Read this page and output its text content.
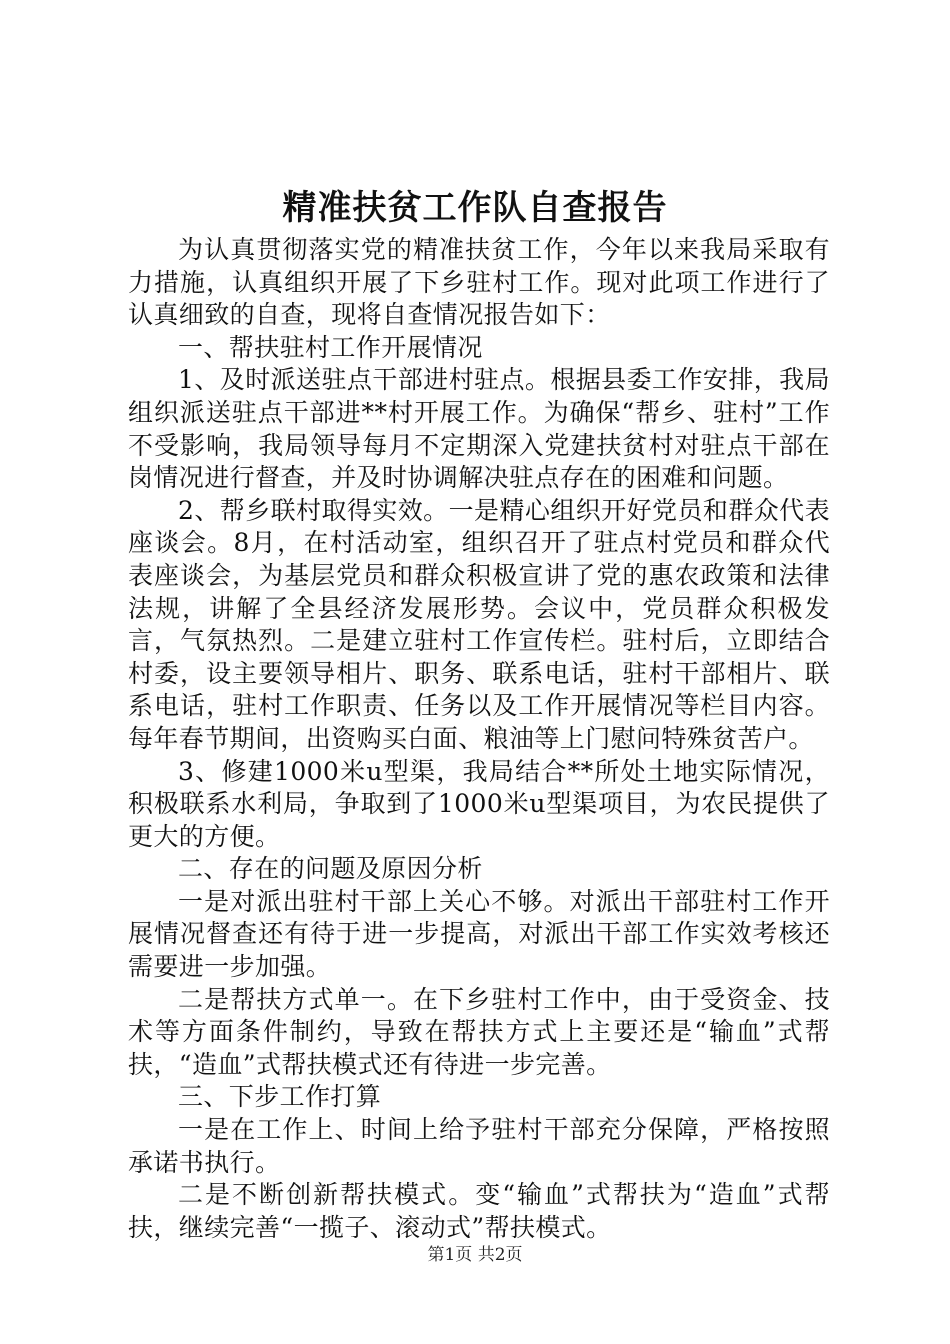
精准扶贫工作队自查报告

为认真贯彻落实党的精准扶贫工作，今年以来我局采取有力措施，认真组织开展了下乡驻村工作。现对此项工作进行了认真细致的自查，现将自查情况报告如下：

一、帮扶驻村工作开展情况

1、及时派送驻点干部进村驻点。根据县委工作安排，我局组织派送驻点干部进**村开展工作。为确保“帮乡、驻村”工作不受影响，我局领导每月不定期深入党建扶贫村对驻点干部在岗情况进行督查，并及时协调解决驻点存在的困难和问题。

2、帮乡联村取得实效。一是精心组织开好党员和群众代表座谈会。8月，在村活动室，组织召开了驻点村党员和群众代表座谈会，为基层党员和群众积极宣讲了党的惠农政策和法律法规，讲解了全县经济发展形势。会议中，党员群众积极发言，气氛热烈。二是建立驻村工作宣传栏。驻村后，立即结合村委，设主要领导相片、职务、联系电话，驻村干部相片、联系电话，驻村工作职责、任务以及工作开展情况等栏目内容。每年春节期间，出资购买白面、粮油等上门慰问特殊贫苦户。

3、修建1000米u型渠，我局结合**所处土地实际情况，积极联系水利局，争取到了1000米u型渠项目，为农民提供了更大的方便。

二、存在的问题及原因分析

一是对派出驻村干部上关心不够。对派出干部驻村工作开展情况督查还有待于进一步提高，对派出干部工作实效考核还需要进一步加强。

二是帮扶方式单一。在下乡驻村工作中，由于受资金、技术等方面条件制约，导致在帮扶方式上主要还是“输血”式帮扶，“造血”式帮扶模式还有待进一步完善。

三、下步工作打算

一是在工作上、时间上给予驻村干部充分保障，严格按照承诺书执行。

二是不断创新帮扶模式。变“输血”式帮扶为“造血”式帮扶，继续完善“一揽子、滚动式”帮扶模式。

第1页 共2页
